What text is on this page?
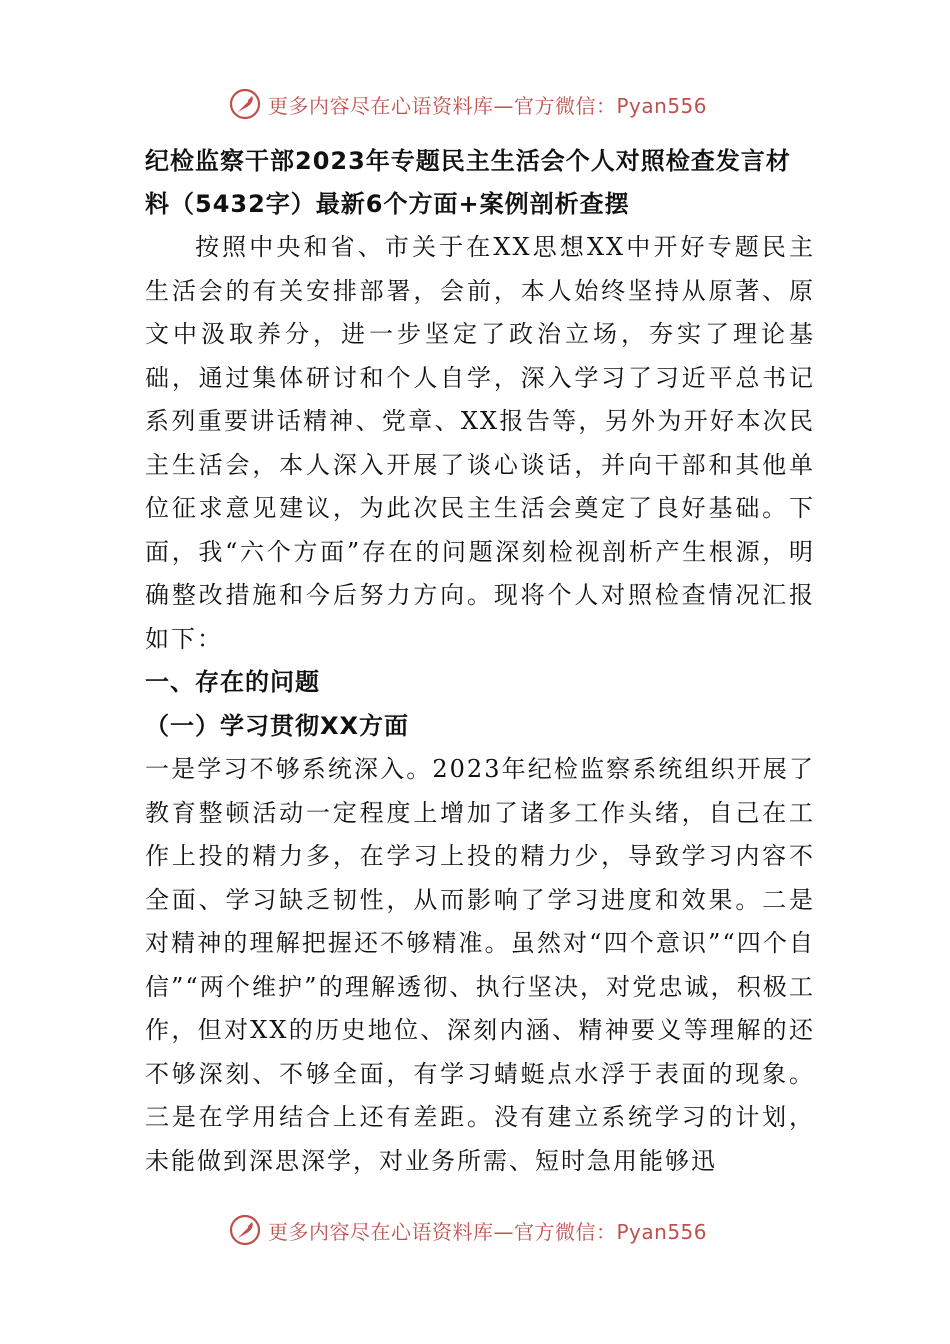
更多内容尽在心语资料库—官方微信：Pyan556

纪检监察干部2023年专题民主生活会个人对照检查发言材料（5432字）最新6个方面+案例剖析查摆

按照中央和省、市关于在XX思想XX中开好专题民主生活会的有关安排部署，会前，本人始终坚持从原著、原文中汲取养分，进一步坚定了政治立场，夯实了理论基础，通过集体研讨和个人自学，深入学习了习近平总书记系列重要讲话精神、党章、XX报告等，另外为开好本次民主生活会，本人深入开展了谈心谈话，并向干部和其他单位征求意见建议，为此次民主生活会奠定了良好基础。下面，我“六个方面”存在的问题深刻检视剖析产生根源，明确整改措施和今后努力方向。现将个人对照检查情况汇报如下：

一、存在的问题

（一）学习贯彻XX方面

一是学习不够系统深入。2023年纪检监察系统组织开展了教育整顿活动一定程度上增加了诸多工作头绪，自己在工作上投的精力多，在学习上投的精力少，导致学习内容不全面、学习缺乏韧性，从而影响了学习进度和效果。二是对精神的理解把握还不够精准。虽然对“四个意识”“四个自信”“两个维护”的理解透彻、执行坚决，对党忠诚，积极工作，但对XX的历史地位、深刻内涵、精神要义等理解的还不够深刻、不够全面，有学习蜻蜓点水浮于表面的现象。三是在学用结合上还有差距。没有建立系统学习的计划，未能做到深思深学，对业务所需、短时急用能够迅

更多内容尽在心语资料库—官方微信：Pyan556
